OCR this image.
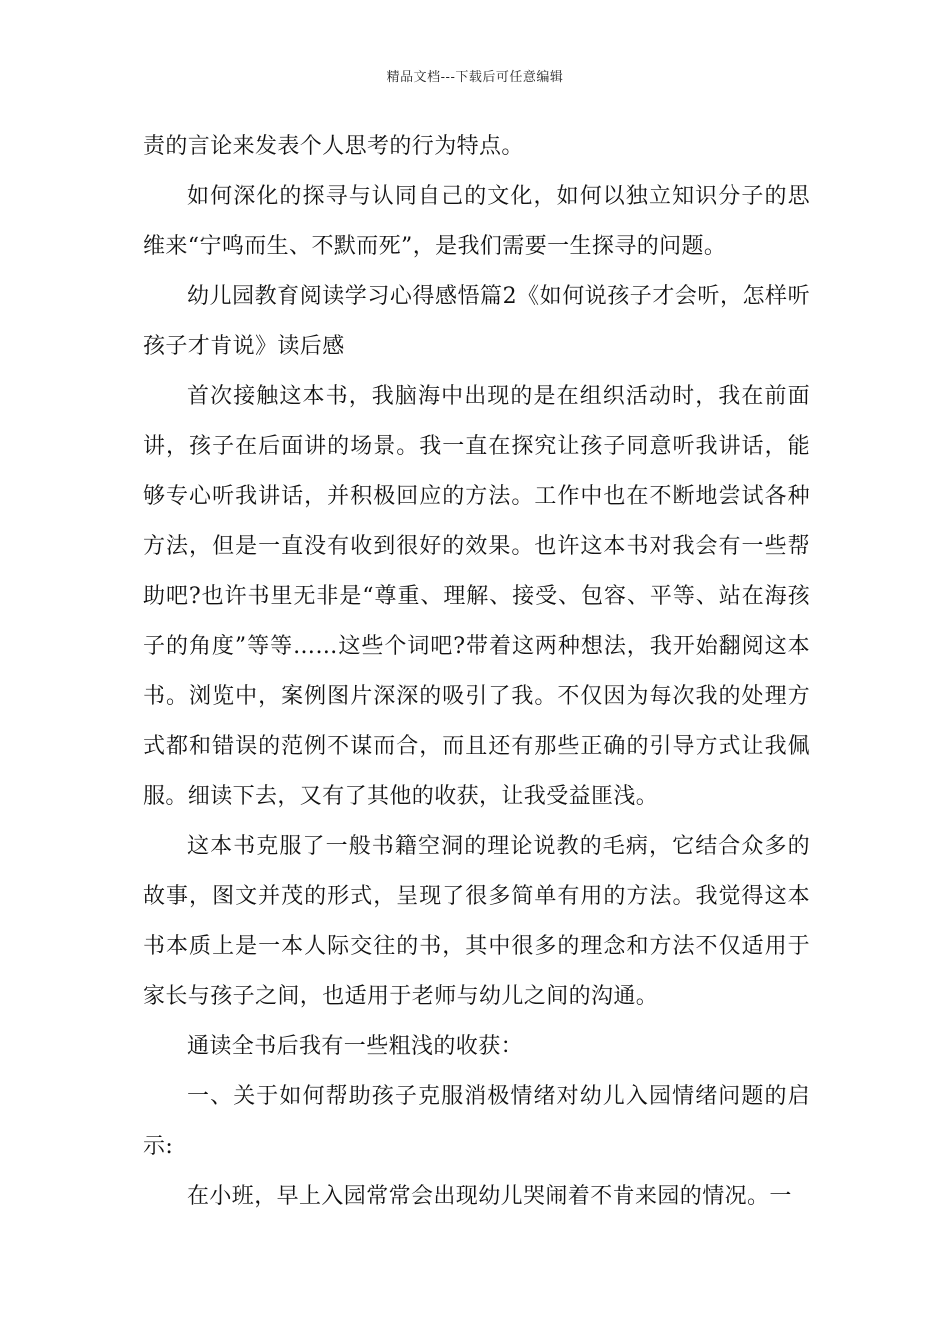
精品文档---下载后可任意编辑

责的言论来发表个人思考的行为特点。

如何深化的探寻与认同自己的文化，如何以独立知识分子的思维来“宁鸣而生、不默而死”，是我们需要一生探寻的问题。

幼儿园教育阅读学习心得感悟篇2《如何说孩子才会听，怎样听孩子才肯说》读后感

首次接触这本书，我脑海中出现的是在组织活动时，我在前面讲，孩子在后面讲的场景。我一直在探究让孩子同意听我讲话，能够专心听我讲话，并积极回应的方法。工作中也在不断地尝试各种方法，但是一直没有收到很好的效果。也许这本书对我会有一些帮助吧?也许书里无非是“尊重、理解、接受、包容、平等、站在海孩子的角度”等等……这些个词吧?带着这两种想法，我开始翻阅这本书。浏览中，案例图片深深的吸引了我。不仅因为每次我的处理方式都和错误的范例不谋而合，而且还有那些正确的引导方式让我佩服。细读下去，又有了其他的收获，让我受益匪浅。

这本书克服了一般书籍空洞的理论说教的毛病，它结合众多的故事，图文并茂的形式，呈现了很多简单有用的方法。我觉得这本书本质上是一本人际交往的书，其中很多的理念和方法不仅适用于家长与孩子之间，也适用于老师与幼儿之间的沟通。

通读全书后我有一些粗浅的收获：

一、关于如何帮助孩子克服消极情绪对幼儿入园情绪问题的启示:

在小班，早上入园常常会出现幼儿哭闹着不肯来园的情况。一
